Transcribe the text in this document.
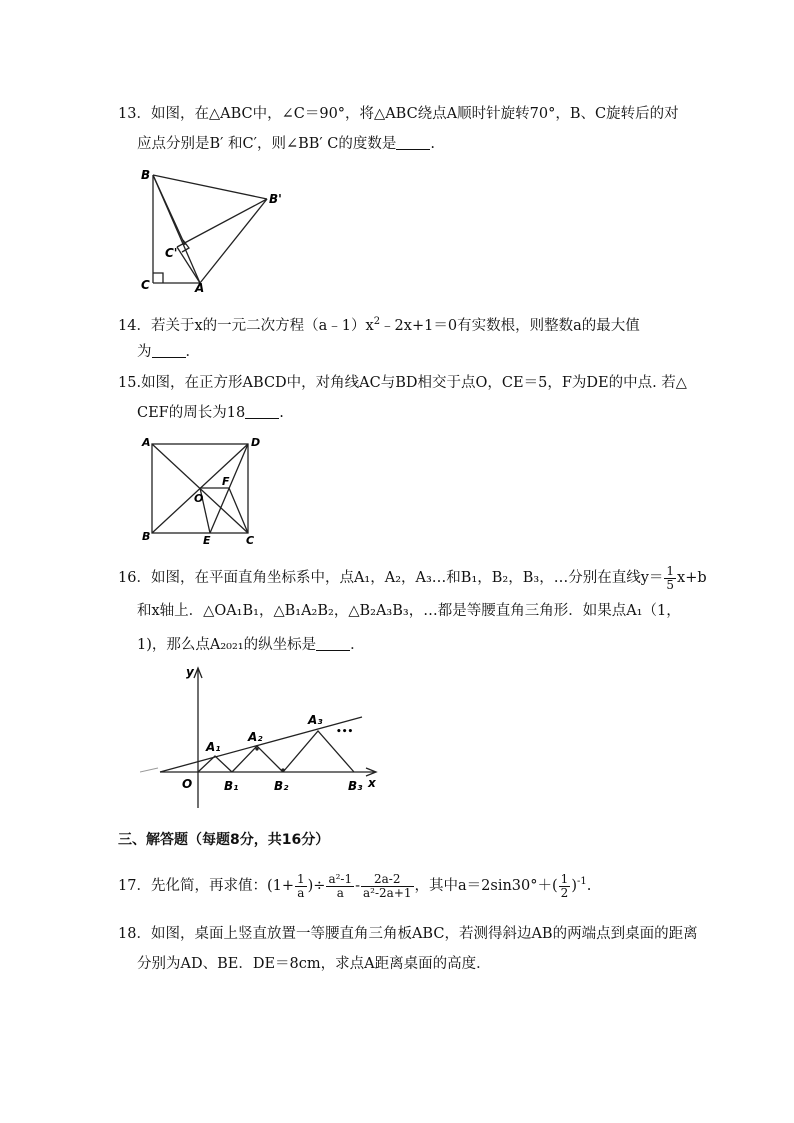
13．如图，在△ABC中，∠C＝90°，将△ABC绕点A顺时针旋转70°，B、C旋转后的对
应点分别是B′ 和C′，则∠BB′ C的度数是 .
B
B'
C'
C	A
14．若关于x的一元二次方程$(a﹣1)x^2﹣2x+1=0$有实数根，则整数a的最大值
为 ．
15.如图，在正方形ABCD中，对角线AC与BD相交于点O，CE＝5，F为DE的中点. 若△
CEF的周长为18 .
A	D
O
F
B	E	C
16．如图，在平面直角坐标系中，点A₁，A₂，A₃…和B₁，B₂，B₃，…分别在直线$y= \frac{1}{5} x+b$
和x轴上．△OA₁B₁，△B₁A₂B₂，△B₂A₃B₃，…都是等腰直角三角形．如果点A₁（1，
1)，那么点A₂₀₂₁的纵坐标是 ．
y
x
O
A₁
A₂
A₃
B₁	B₂	B₃
•••
三、解答题（每题8分，共16分）
17．先化简，再求值：($1+ \frac{1}{a}$ )÷ $\frac{\text{a²-1}}{a} - \frac{2a-2}{\text{a²-2a+1}}$ ，其中$a=2\sin 30^\circ+( \frac{1}{2} )^{-1}$.
18．如图，桌面上竖直放置一等腰直角三角板ABC，若测得斜边AB的两端点到桌面的距离
分别为AD、BE．DE＝8cm，求点A距离桌面的高度．
